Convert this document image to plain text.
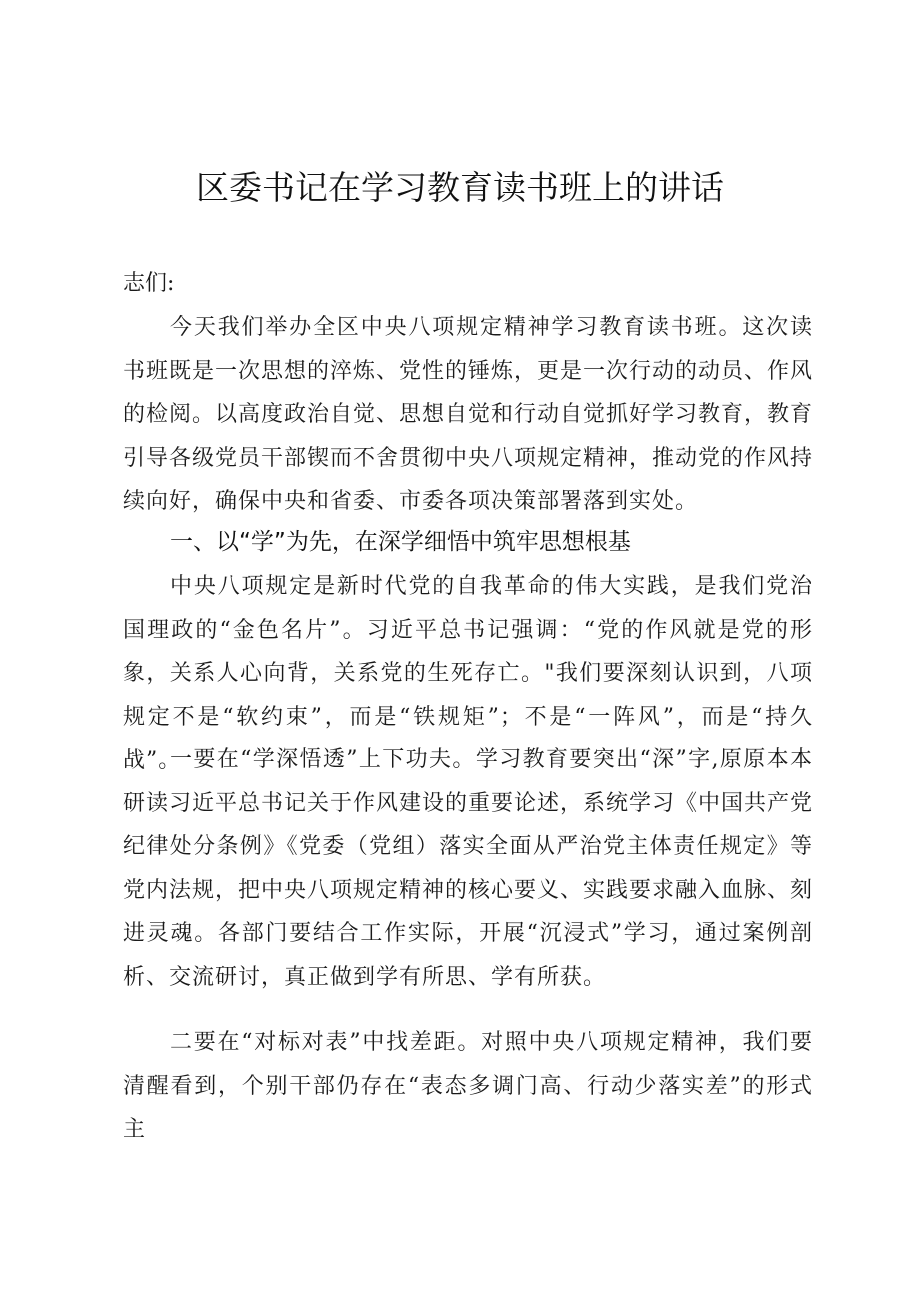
区委书记在学习教育读书班上的讲话
志们:

今天我们举办全区中央八项规定精神学习教育读书班。这次读书班既是一次思想的淬炼、党性的锤炼，更是一次行动的动员、作风的检阅。以高度政治自觉、思想自觉和行动自觉抓好学习教育，教育引导各级党员干部锲而不舍贯彻中央八项规定精神，推动党的作风持续向好，确保中央和省委、市委各项决策部署落到实处。

一、以“学”为先，在深学细悟中筑牢思想根基

中央八项规定是新时代党的自我革命的伟大实践，是我们党治国理政的“金色名片”。习近平总书记强调：“党的作风就是党的形象，关系人心向背，关系党的生死存亡。"我们要深刻认识到，八项规定不是“软约束”，而是“铁规矩”；不是“一阵风”，而是“持久战”。

一要在“学深悟透”上下功夫。学习教育要突出“深”字,原原本本研读习近平总书记关于作风建设的重要论述，系统学习《中国共产党纪律处分条例》《党委（党组）落实全面从严治党主体责任规定》等党内法规，把中央八项规定精神的核心要义、实践要求融入血脉、刻进灵魂。各部门要结合工作实际，开展“沉浸式”学习，通过案例剖析、交流研讨，真正做到学有所思、学有所获。

二要在“对标对表”中找差距。对照中央八项规定精神，我们要清醒看到，个别干部仍存在“表态多调门高、行动少落实差”的形式主
